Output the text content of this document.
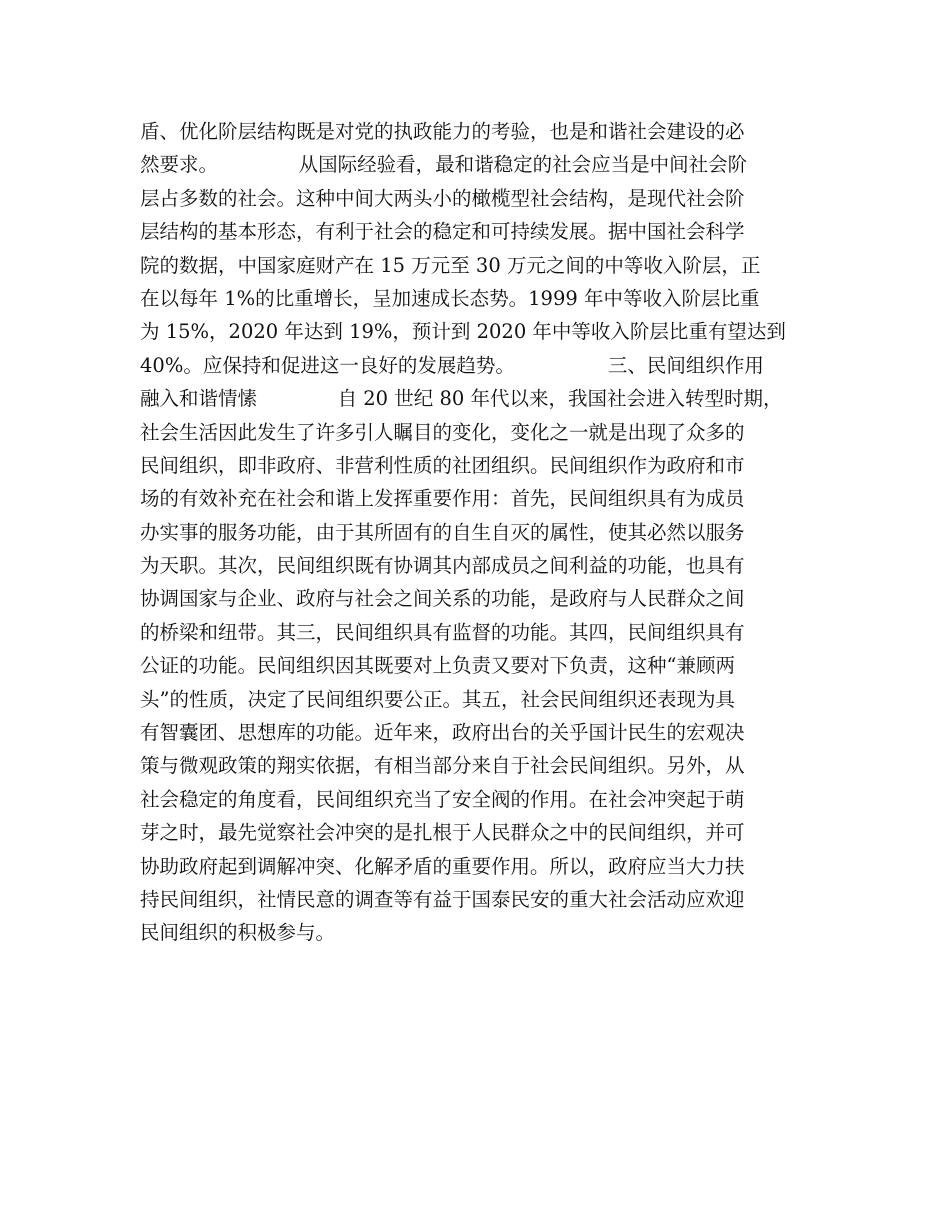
盾、优化阶层结构既是对党的执政能力的考验，也是和谐社会建设的必
然要求。             从国际经验看，最和谐稳定的社会应当是中间社会阶
层占多数的社会。这种中间大两头小的橄榄型社会结构，是现代社会阶
层结构的基本形态，有利于社会的稳定和可持续发展。据中国社会科学
院的数据，中国家庭财产在 15 万元至 30 万元之间的中等收入阶层，正
在以每年 1%的比重增长，呈加速成长态势。1999 年中等收入阶层比重
为 15%，2020 年达到 19%，预计到 2020 年中等收入阶层比重有望达到
40%。应保持和促进这一良好的发展趋势。               三、民间组织作用
融入和谐情愫             自 20 世纪 80 年代以来，我国社会进入转型时期，
社会生活因此发生了许多引人瞩目的变化，变化之一就是出现了众多的
民间组织，即非政府、非营利性质的社团组织。民间组织作为政府和市
场的有效补充在社会和谐上发挥重要作用：首先，民间组织具有为成员
办实事的服务功能，由于其所固有的自生自灭的属性，使其必然以服务
为天职。其次，民间组织既有协调其内部成员之间利益的功能，也具有
协调国家与企业、政府与社会之间关系的功能，是政府与人民群众之间
的桥梁和纽带。其三，民间组织具有监督的功能。其四，民间组织具有
公证的功能。民间组织因其既要对上负责又要对下负责，这种“兼顾两
头”的性质，决定了民间组织要公正。其五，社会民间组织还表现为具
有智囊团、思想库的功能。近年来，政府出台的关乎国计民生的宏观决
策与微观政策的翔实依据，有相当部分来自于社会民间组织。另外，从
社会稳定的角度看，民间组织充当了安全阀的作用。在社会冲突起于萌
芽之时，最先觉察社会冲突的是扎根于人民群众之中的民间组织，并可
协助政府起到调解冲突、化解矛盾的重要作用。所以，政府应当大力扶
持民间组织，社情民意的调查等有益于国泰民安的重大社会活动应欢迎
民间组织的积极参与。
